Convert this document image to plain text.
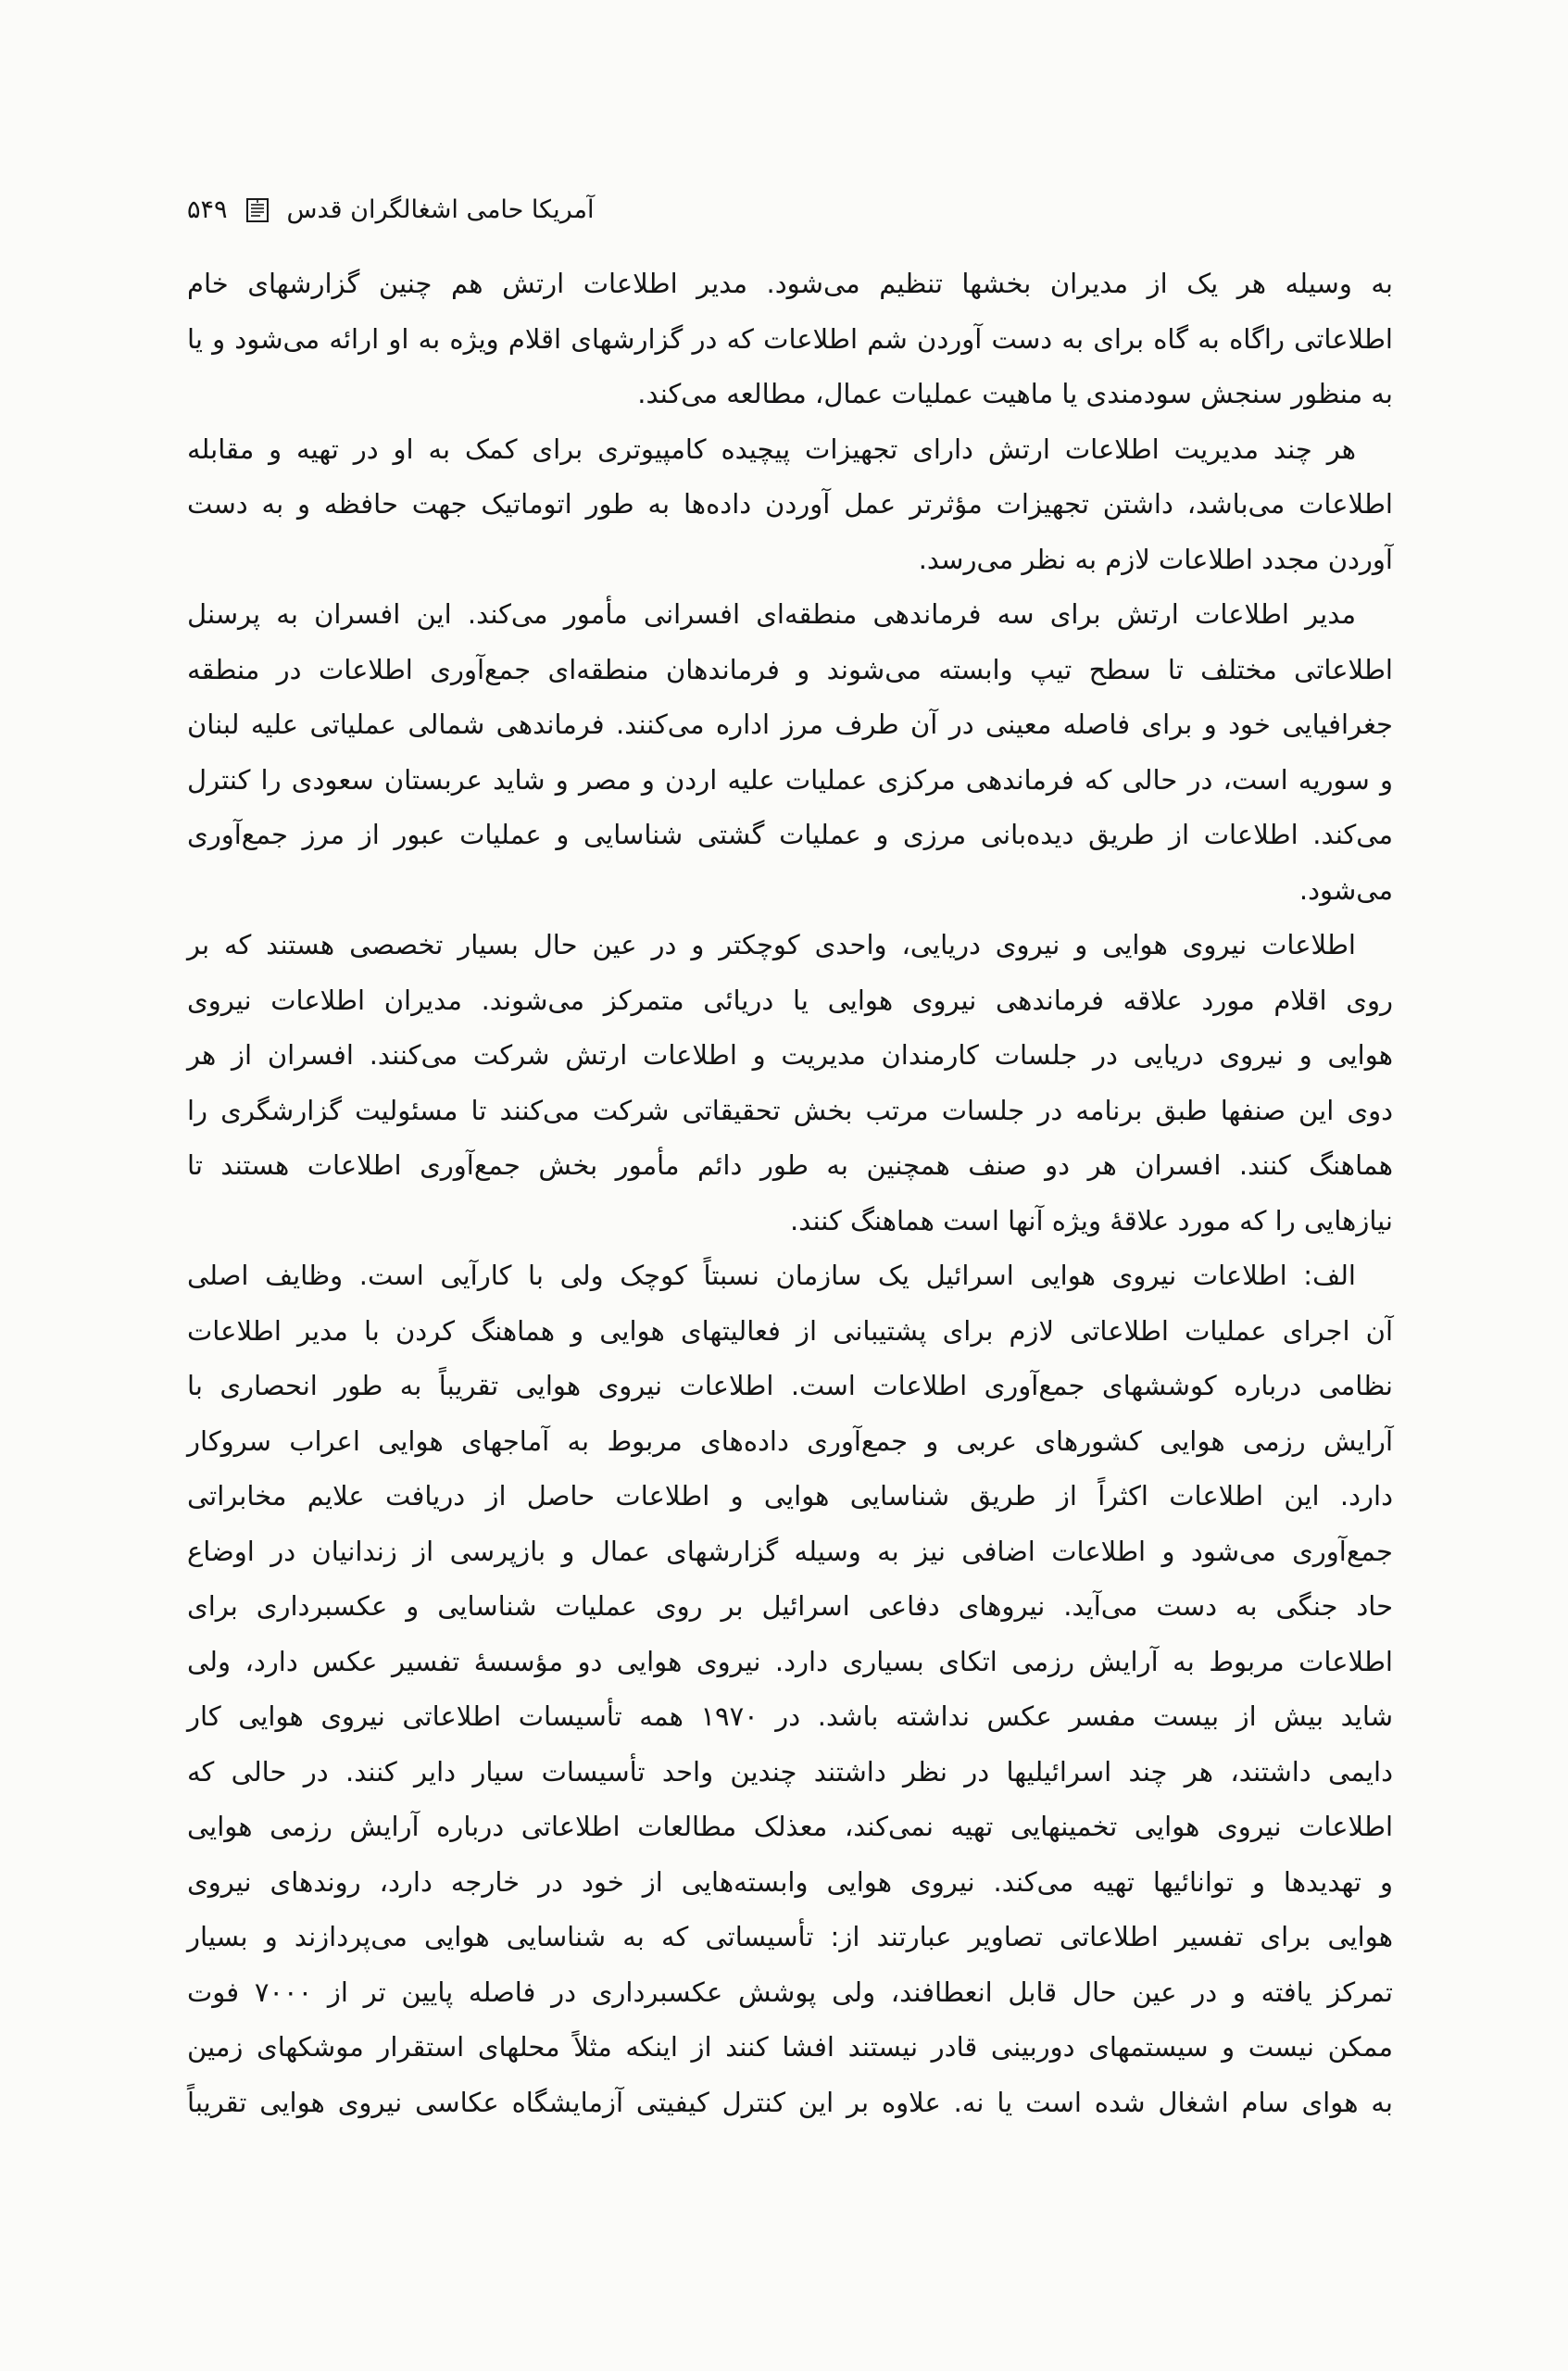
آمریکا حامی اشغالگران قدس
۵۴۹
به وسیله هر یک از مدیران بخشها تنظیم می‌شود. مدیر اطلاعات ارتش هم چنین گزارشهای خام
اطلاعاتی راگاه به گاه برای به دست آوردن شم اطلاعات که در گزارشهای اقلام ویژه به او ارائه می‌شود و یا
به منظور سنجش سودمندی یا ماهیت عملیات عمال، مطالعه می‌کند.
هر چند مدیریت اطلاعات ارتش دارای تجهیزات پیچیده کامپیوتری برای کمک به او در تهیه و مقابله
اطلاعات می‌باشد، داشتن تجهیزات مؤثرتر عمل آوردن داده‌ها به طور اتوماتیک جهت حافظه و به دست
آوردن مجدد اطلاعات لازم به نظر می‌رسد.
مدیر اطلاعات ارتش برای سه فرماندهی منطقه‌ای افسرانی مأمور می‌کند. این افسران به پرسنل
اطلاعاتی مختلف تا سطح تیپ وابسته می‌شوند و فرماندهان منطقه‌ای جمع‌آوری اطلاعات در منطقه
جغرافیایی خود و برای فاصله معینی در آن طرف مرز اداره می‌کنند. فرماندهی شمالی عملیاتی علیه لبنان
و سوریه است، در حالی که فرماندهی مرکزی عملیات علیه اردن و مصر و شاید عربستان سعودی را کنترل
می‌کند. اطلاعات از طریق دیده‌بانی مرزی و عملیات گشتی شناسایی و عملیات عبور از مرز جمع‌آوری
می‌شود.
اطلاعات نیروی هوایی و نیروی دریایی، واحدی کوچکتر و در عین حال بسیار تخصصی هستند که بر
روی اقلام مورد علاقه فرماندهی نیروی هوایی یا دریائی متمرکز می‌شوند. مدیران اطلاعات نیروی
هوایی و نیروی دریایی در جلسات کارمندان مدیریت و اطلاعات ارتش شرکت می‌کنند. افسران از هر
دوی این صنفها طبق برنامه در جلسات مرتب بخش تحقیقاتی شرکت می‌کنند تا مسئولیت گزارشگری را
هماهنگ کنند. افسران هر دو صنف همچنین به طور دائم مأمور بخش جمع‌آوری اطلاعات هستند تا
نیازهایی را که مورد علاقهٔ ویژه آنها است هماهنگ کنند.
الف: اطلاعات نیروی هوایی اسرائیل یک سازمان نسبتاً کوچک ولی با کارآیی است. وظایف اصلی
آن اجرای عملیات اطلاعاتی لازم برای پشتیبانی از فعالیتهای هوایی و هماهنگ کردن با مدیر اطلاعات
نظامی درباره کوششهای جمع‌آوری اطلاعات است. اطلاعات نیروی هوایی تقریباً به طور انحصاری با
آرایش رزمی هوایی کشورهای عربی و جمع‌آوری داده‌های مربوط به آماجهای هوایی اعراب سروکار
دارد. این اطلاعات اکثراً از طریق شناسایی هوایی و اطلاعات حاصل از دریافت علایم مخابراتی
جمع‌آوری می‌شود و اطلاعات اضافی نیز به وسیله گزارشهای عمال و بازپرسی از زندانیان در اوضاع
حاد جنگی به دست می‌آید. نیروهای دفاعی اسرائیل بر روی عملیات شناسایی و عکسبرداری برای
اطلاعات مربوط به آرایش رزمی اتکای بسیاری دارد. نیروی هوایی دو مؤسسهٔ تفسیر عکس دارد، ولی
شاید بیش از بیست مفسر عکس نداشته باشد. در ۱۹۷۰ همه تأسیسات اطلاعاتی نیروی هوایی کار
دایمی داشتند، هر چند اسرائیلیها در نظر داشتند چندین واحد تأسیسات سیار دایر کنند. در حالی که
اطلاعات نیروی هوایی تخمینهایی تهیه نمی‌کند، معذلک مطالعات اطلاعاتی درباره آرایش رزمی هوایی
و تهدیدها و توانائیها تهیه می‌کند. نیروی هوایی وابسته‌هایی از خود در خارجه دارد، روندهای نیروی
هوایی برای تفسیر اطلاعاتی تصاویر عبارتند از: تأسیساتی که به شناسایی هوایی می‌پردازند و بسیار
تمرکز یافته و در عین حال قابل انعطافند، ولی پوشش عکسبرداری در فاصله پایین تر از ۷۰۰۰ فوت
ممکن نیست و سیستمهای دوربینی قادر نیستند افشا کنند از اینکه مثلاً محلهای استقرار موشکهای زمین
به هوای سام اشغال شده است یا نه. علاوه بر این کنترل کیفیتی آزمایشگاه عکاسی نیروی هوایی تقریباً
